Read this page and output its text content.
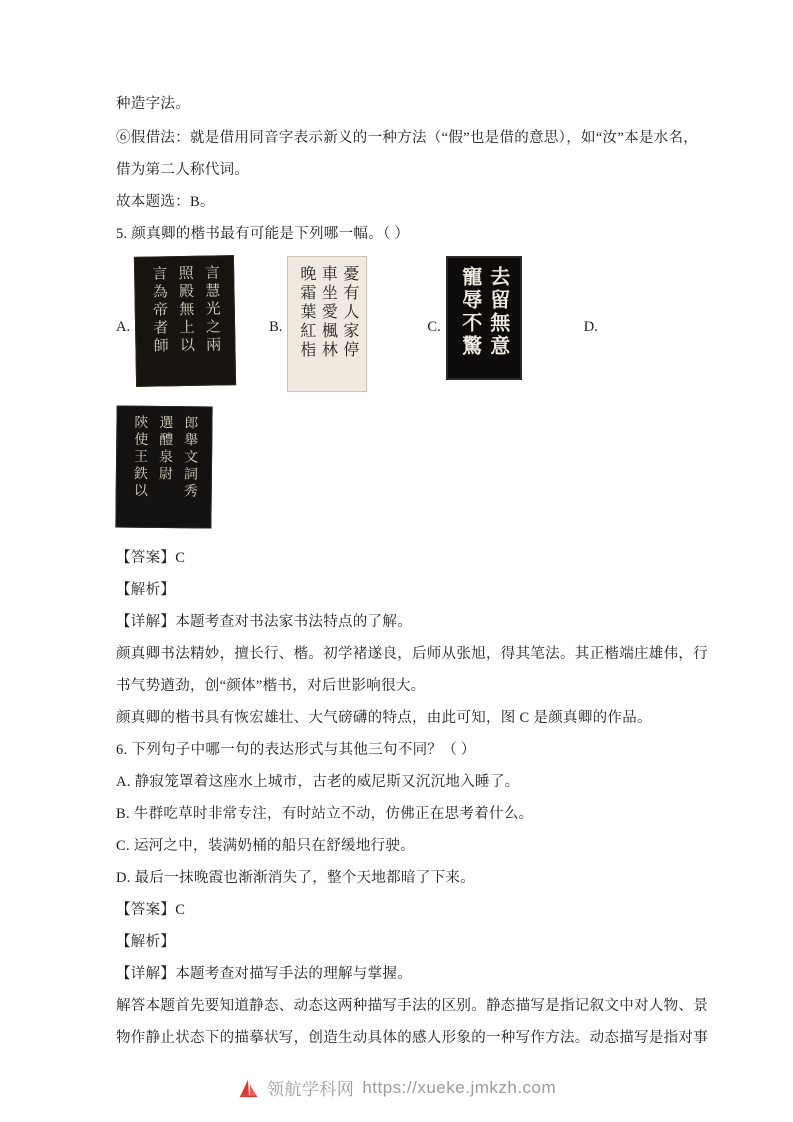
种造字法。
⑥假借法：就是借用同音字表示新义的一种方法（“假”也是借的意思），如“汝”本是水名，
借为第二人称代词。
故本题选：B。
5. 颜真卿的楷书最有可能是下列哪一幅。（ ）
A. 言為帝者師 照殿無上以 言慧光之兩	B. 晚霜葉紅栺 車坐愛楓林 憂有人家停	C. 寵辱不驚 去留無意	D.
陝使王鉄以 選醴泉尉 郎舉文詞秀
【答案】C
【解析】
【详解】本题考查对书法家书法特点的了解。
颜真卿书法精妙，擅长行、楷。初学褚遂良，后师从张旭，得其笔法。其正楷端庄雄伟，行
书气势遒劲，创“颜体”楷书，对后世影响很大。
颜真卿的楷书具有恢宏雄壮、大气磅礴的特点，由此可知，图 C 是颜真卿的作品。
6. 下列句子中哪一句的表达形式与其他三句不同？（ ）
A. 静寂笼罩着这座水上城市，古老的威尼斯又沉沉地入睡了。
B. 牛群吃草时非常专注，有时站立不动，仿佛正在思考着什么。
C. 运河之中，装满奶桶的船只在舒缓地行驶。
D. 最后一抹晚霞也渐渐消失了，整个天地都暗了下来。
【答案】C
【解析】
【详解】本题考查对描写手法的理解与掌握。
解答本题首先要知道静态、动态这两种描写手法的区别。静态描写是指记叙文中对人物、景
物作静止状态下的描摹状写，创造生动具体的感人形象的一种写作方法。动态描写是指对事
领航学科网 https://xueke.jmkzh.com
